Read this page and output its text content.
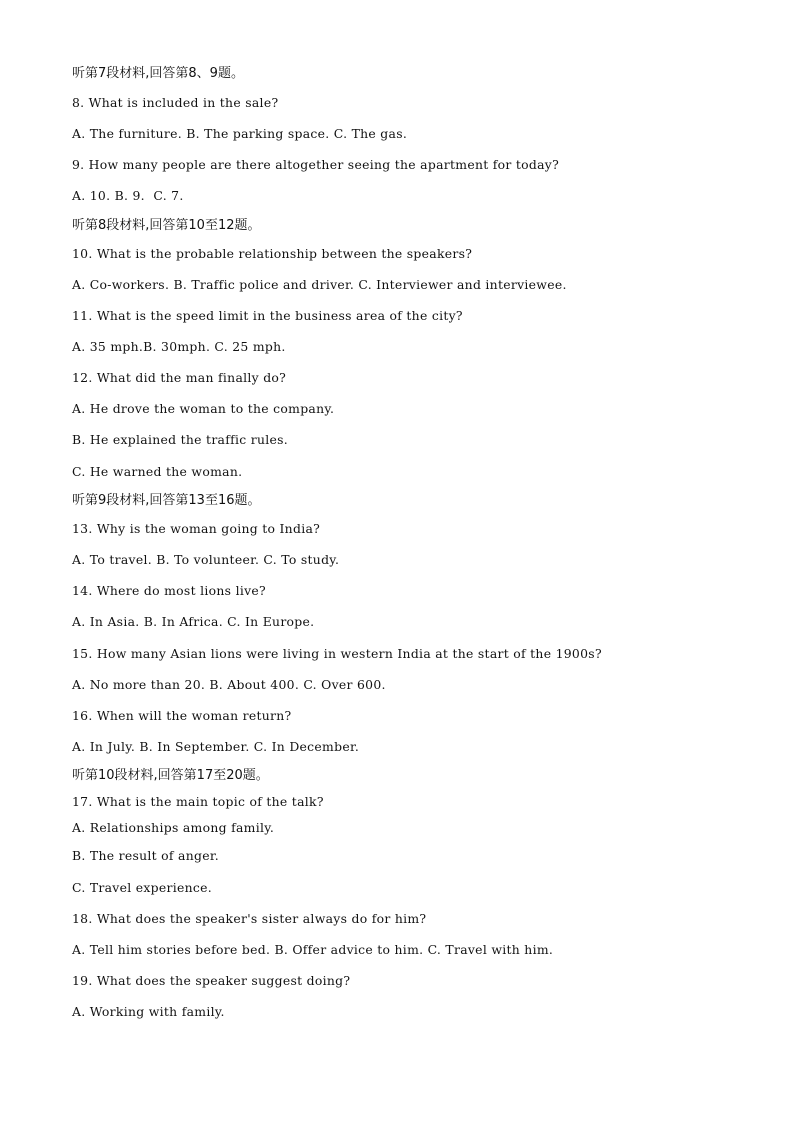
听第7段材料,回答第8、9题。
8. What is included in the sale?
A. The furniture. B. The parking space. C. The gas.
9. How many people are there altogether seeing the apartment for today?
A. 10. B. 9.  C. 7.
听第8段材料,回答第10至12题。
10. What is the probable relationship between the speakers?
A. Co-workers. B. Traffic police and driver. C. Interviewer and interviewee.
11. What is the speed limit in the business area of the city?
A. 35 mph.B. 30mph. C. 25 mph.
12. What did the man finally do?
A. He drove the woman to the company.
B. He explained the traffic rules.
C. He warned the woman.
听第9段材料,回答第13至16题。
13. Why is the woman going to India?
A. To travel. B. To volunteer. C. To study.
14. Where do most lions live?
A. In Asia. B. In Africa. C. In Europe.
15. How many Asian lions were living in western India at the start of the 1900s?
A. No more than 20. B. About 400. C. Over 600.
16. When will the woman return?
A. In July. B. In September. C. In December.
听第10段材料,回答第17至20题。
17. What is the main topic of the talk?
A. Relationships among family.
B. The result of anger.
C. Travel experience.
18. What does the speaker's sister always do for him?
A. Tell him stories before bed. B. Offer advice to him. C. Travel with him.
19. What does the speaker suggest doing?
A. Working with family.
